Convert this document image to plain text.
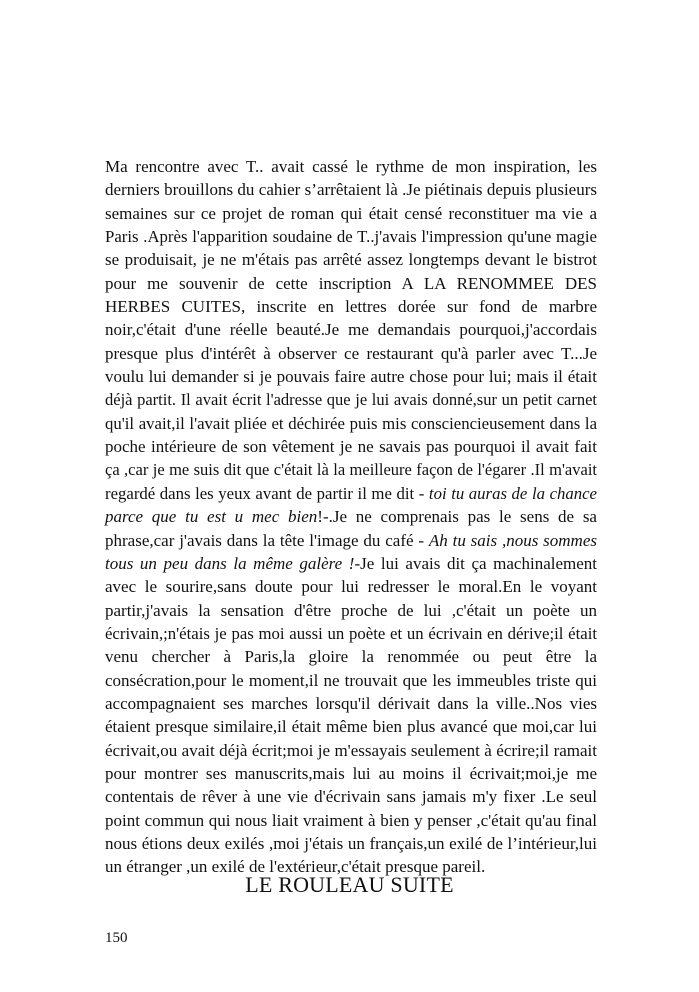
Ma rencontre avec T.. avait cassé le rythme de mon inspiration, les
derniers brouillons du cahier s’arrêtaient là .Je piétinais depuis plusieurs
semaines sur ce projet de roman qui était censé reconstituer ma vie a
Paris .Après l'apparition soudaine de T..j'avais l'impression qu'une magie
se produisait, je ne m'étais pas arrêté assez longtemps devant le bistrot
pour me souvenir de cette inscription A LA RENOMMEE DES
HERBES CUITES, inscrite en lettres dorée sur fond de marbre
noir,c'était d'une réelle beauté.Je me demandais pourquoi,j'accordais
presque plus d'intérêt à observer ce restaurant qu'à parler avec T...Je
voulu lui demander si je pouvais faire autre chose pour lui; mais il était
déjà partit. Il avait écrit l'adresse que je lui avais donné,sur un petit carnet
qu'il avait,il l'avait pliée et déchirée puis mis consciencieusement dans la
poche intérieure de son vêtement je ne savais pas pourquoi il avait fait
ça ,car je me suis dit que c'était là la meilleure façon de l'égarer .Il m'avait
regardé dans les yeux avant de partir il me dit - toi tu auras de la chance
parce que tu est u mec bien!-.Je ne comprenais pas le sens de sa
phrase,car j'avais dans la tête l'image du café - Ah tu sais ,nous sommes
tous un peu dans la même galère !-Je lui avais dit ça machinalement
avec le sourire,sans doute pour lui redresser le moral.En le voyant
partir,j'avais la sensation d'être proche de lui ,c'était un poète un
écrivain,;n'étais je pas moi aussi un poète et un écrivain en dérive;il était
venu chercher à Paris,la gloire la renommée ou peut être la
consécration,pour le moment,il ne trouvait que les immeubles triste qui
accompagnaient ses marches lorsqu'il dérivait dans la ville..Nos vies
étaient presque similaire,il était même bien plus avancé que moi,car lui
écrivait,ou avait déjà écrit;moi je m'essayais seulement à écrire;il ramait
pour montrer ses manuscrits,mais lui au moins il écrivait;moi,je me
contentais de rêver à une vie d'écrivain sans jamais m'y fixer .Le seul
point commun qui nous liait vraiment à bien y penser ,c'était qu'au final
nous étions deux exilés ,moi j'étais un français,un exilé de l’intérieur,lui
un étranger ,un exilé de l'extérieur,c'était presque pareil.
LE ROULEAU SUITE
150
